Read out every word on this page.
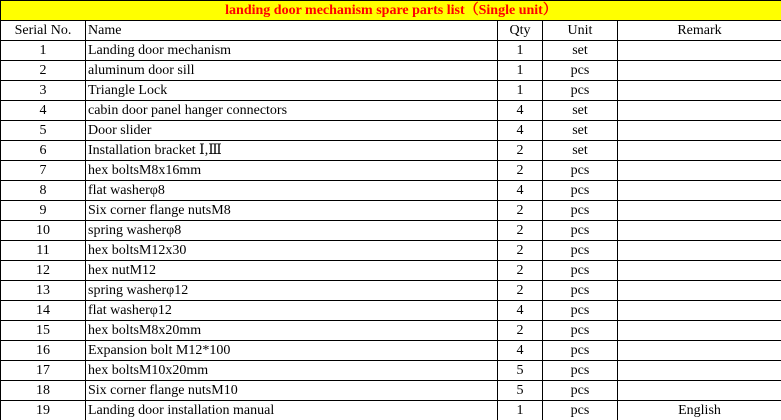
landing door mechanism spare parts list（Single unit）				
Serial No.	Name	Qty	Unit	Remark
1	Landing door mechanism	1	set	
2	aluminum door sill	1	pcs	
3	Triangle Lock	1	pcs	
4	cabin door panel hanger connectors	4	set	
5	Door slider	4	set	
6	Installation bracket Ⅰ,Ⅲ	2	set	
7	hex boltsM8x16mm	2	pcs	
8	flat washerφ8	4	pcs	
9	Six corner flange nutsM8	2	pcs	
10	spring washerφ8	2	pcs	
11	hex boltsM12x30	2	pcs	
12	hex nutM12	2	pcs	
13	spring washerφ12	2	pcs	
14	flat washerφ12	4	pcs	
15	hex boltsM8x20mm	2	pcs	
16	Expansion bolt M12*100	4	pcs	
17	hex boltsM10x20mm	5	pcs	
18	Six corner flange nutsM10	5	pcs	
19	Landing door installation manual	1	pcs	English
